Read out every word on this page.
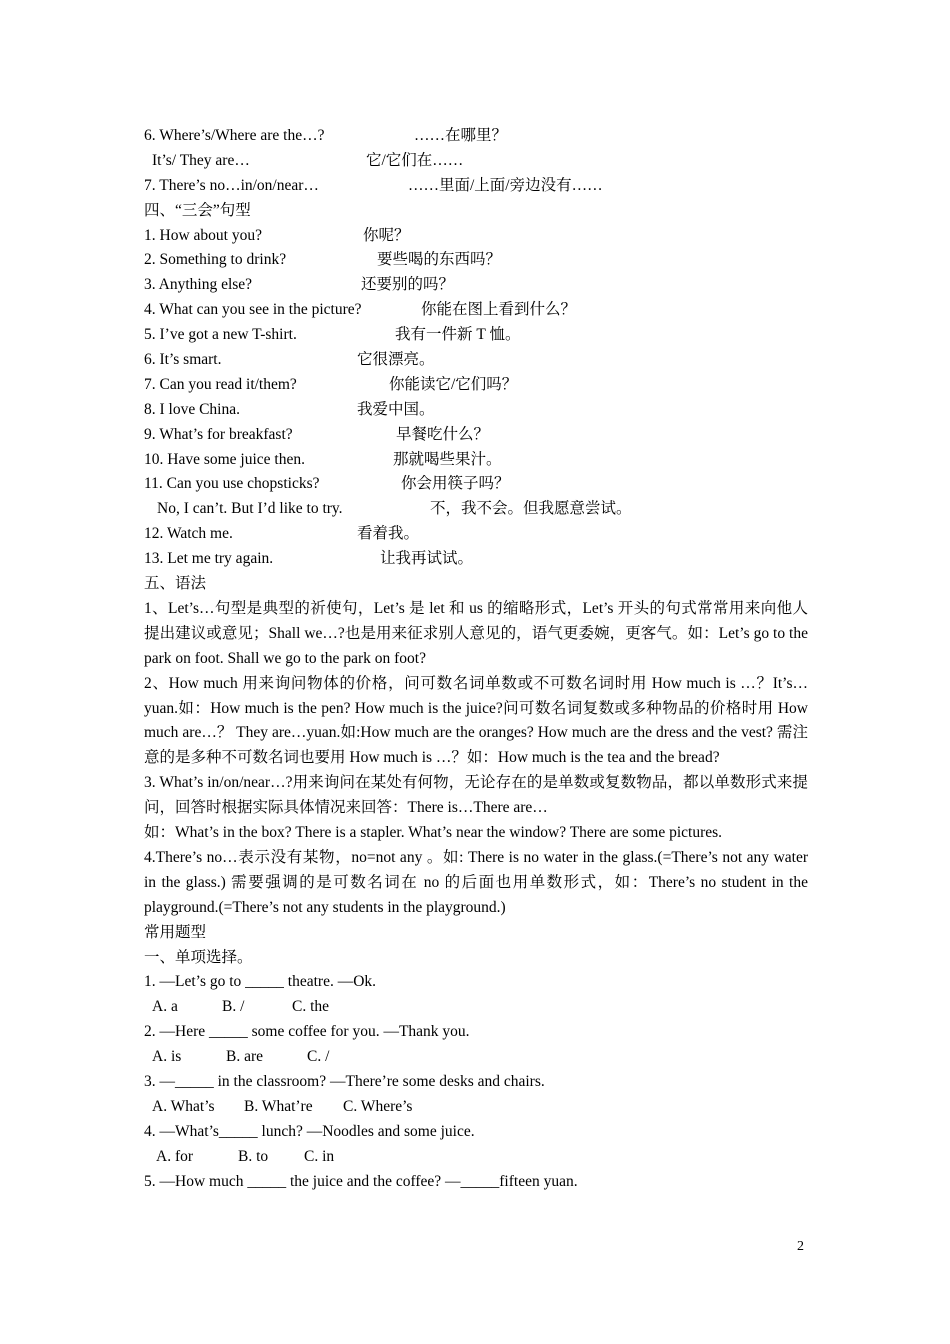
6. Where’s/Where are the…?	……在哪里？
It’s/ They are…	它/它们在……
7. There’s no…in/on/near…	……里面/上面/旁边没有……
四、“三会”句型
1. How about you?	你呢？
2. Something to drink?	要些喝的东西吗？
3. Anything else?	还要别的吗？
4. What can you see in the picture?	你能在图上看到什么？
5. I’ve got a new T-shirt.	我有一件新 T 恤。
6. It’s smart.	它很漂亮。
7. Can you read it/them?	你能读它/它们吗？
8. I love China.	我爱中国。
9. What’s for breakfast?	早餐吃什么？
10. Have some juice then.	那就喝些果汁。
11. Can you use chopsticks?	你会用筷子吗？
No, I can’t. But I’d like to try.	不，我不会。但我愿意尝试。
12. Watch me.	看着我。
13. Let me try again.	让我再试试。
五、语法
1、Let’s…句型是典型的祈使句，Let’s 是 let 和 us 的缩略形式，Let’s 开头的句式常常用来向他人提出建议或意见；Shall we…?也是用来征求别人意见的，语气更委婉，更客气。如：Let’s go to the park on foot. Shall we go to the park on foot?
2、How much 用来询问物体的价格，问可数名词单数或不可数名词时用 How much is …？It’s…yuan.如：How much is the pen? How much is the juice?问可数名词复数或多种物品的价格时用 How much are…？ They are…yuan.如:How much are the oranges? How much are the dress and the vest? 需注意的是多种不可数名词也要用 How much is …？如：How much is the tea and the bread?
3. What’s in/on/near…?用来询问在某处有何物，无论存在的是单数或复数物品，都以单数形式来提问，回答时根据实际具体情况来回答：There is…There are…
如：What’s in the box? There is a stapler. What’s near the window? There are some pictures.
4.There’s no…表示没有某物，no=not any 。如: There is no water in the glass.(=There’s not any water in the glass.) 需要强调的是可数名词在 no 的后面也用单数形式，如：There’s no student in the playground.(=There’s not any students in the playground.)
常用题型
一、单项选择。
1. —Let’s go to _____ theatre. —Ok.
A. a	B. /	C. the
2. —Here _____ some coffee for you. —Thank you.
A. is	B. are	C. /
3. —_____ in the classroom? —There’re some desks and chairs.
A. What’s B. What’re C. Where’s
4. —What’s_____ lunch? —Noodles and some juice.
A. for	B. to C. in
5. —How much _____ the juice and the coffee? —_____fifteen yuan.
2
